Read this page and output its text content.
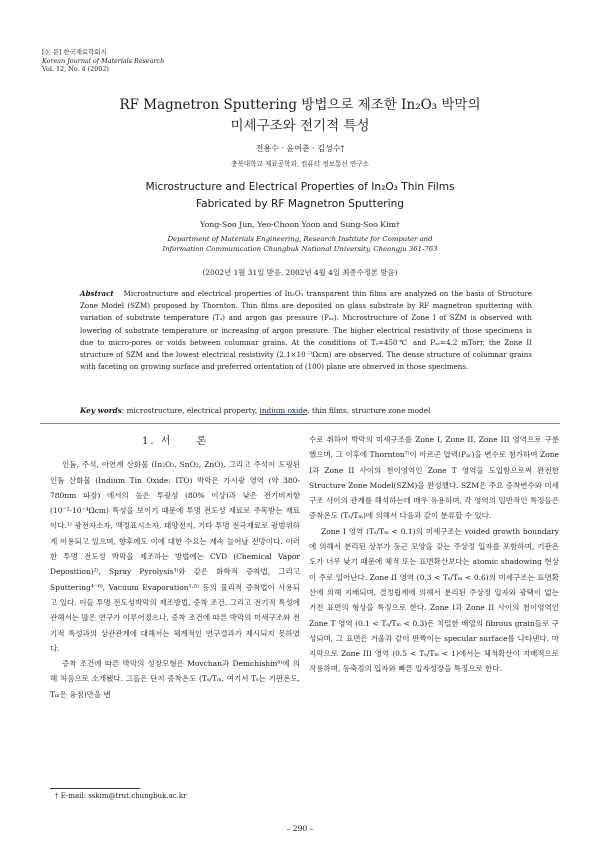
[논 문] 한국재료학회지
Korean Journal of Materials Research
Vol. 12, No. 4 (2002)
RF Magnetron Sputtering 방법으로 제조한 In₂O₃ 박막의
미세구조와 전기적 특성
전용수 · 윤여춘 · 김성수†
충북대학교 재료공학과, 컴퓨터 정보통신 연구소
Microstructure and Electrical Properties of In₂O₃ Thin Films
Fabricated by RF Magnetron Sputtering
Yong-Soo Jun, Yeo-Choon Yoon and Sung-Soo Kim†
Department of Materials Engineering, Research Institute for Computer and
Information Communication Chungbuk National University, Cheongju 361-763
(2002년 1월 31일 받음, 2002년 4월 4일 최종수정본 받음)
Abstract Microstructure and electrical properties of In₂O₃ transparent thin films are analyzed on the basis of Structure Zone Model (SZM) proposed by Thornton. Thin films are deposited on glass substrate by RF magnetron sputtering with variation of substrate temperature (Tₛ) and argon gas pressure (Pₐᵣ). Microstructure of Zone I of SZM is observed with lowering of substrate temperature or increasing of argon pressure. The higher electrical resistivity of those specimens is due to micro-pores or voids between columnar grains. At the conditions of Tₛ=450℃ and Pₐᵣ=4.2 mTorr, the Zone II structure of SZM and the lowest electrical resistivity (2.1×10⁻³Ωcm) are observed. The dense structure of columnar grains with faceting on growing surface and preferred orientation of (100) plane are observed in those specimens.
Key words: microstructure, electrical property, indium oxide, thin films, structure zone model
1. 서　　론

인듐, 주석, 아연계 산화물 (In₂O₃, SnO₂, ZnO), 그리고 주석이 도핑된 인듐 산화물 (Indium Tin Oxide: ITO) 박막은 가시광 영역 (약 380-780nm 파장) 에서의 높은 투광성 (80% 이상)과 낮은 전기비저항 (10⁻²-10⁻⁴Ωcm) 특성을 보이기 때문에 투명 전도성 재료로 주목받는 재료이다.¹⁾ 광전자소자, 액정표시소자, 태양전지, 기타 투명 전극재료로 광범위하게 이용되고 있으며, 향후에도 이에 대한 수요는 계속 늘어날 전망이다. 이러한 투명 전도성 박막을 제조하는 방법에는 CVD (Chemical Vapor Deposition)²⁾, Spray Pyrolysis³⁾와 같은 화학적 증착법, 그리고 Sputtering⁴⁻⁶⁾, Vacuum Evaporation¹·⁵⁾ 등의 물리적 증착법이 사용되고 있다. 이들 투명 전도성박막의 제조방법, 증착 조건, 그리고 전기적 특성에 관해서는 많은 연구가 이루어졌으나, 증착 조건에 따른 박막의 미세구조와 전기적 특성과의 상관관계에 대해서는 체계적인 연구결과가 제시되지 못하였다.

증착 조건에 따른 박막의 성장모형은 Movchan과 Demchishin⁶⁾에 의해 처음으로 소개됐다. 그들은 단지 증착온도 (Tₛ/Tₘ, 여기서 Tₛ는 기판온도, Tₘ은 융점)만을 변

수로 취하여 박막의 미세구조를 Zone I, Zone II, Zone III 영역으로 구분했으며, 그 이후에 Thornton⁷⁾이 아르곤 압력(Pₐᵣ)을 변수로 첨가하여 Zone I과 Zone II 사이의 천이영역인 Zone T 영역을 도입함으로써 완전한 Structure Zone Model(SZM)을 완성했다. SZM은 주요 증착변수와 미세구조 사이의 관계를 해석하는데 매우 유용하며, 각 영역의 일반적인 특징들은 증착온도 (Tₛ/Tₘ)에 의해서 다음과 같이 분류할 수 있다.

Zone I 영역 (Tₛ/Tₘ < 0.1)의 미세구조는 voided growth boundary에 의해서 분리된 상부가 둥근 모양을 갖는 주상정 입자를 포함하며, 기판온도가 너무 낮기 때문에 체적 또는 표면확산보다는 atomic shadowing 현상이 주로 일어난다. Zone II 영역 (0.3 < Tₛ/Tₘ < 0.6)의 미세구조는 표면확산에 의해 지배되며, 결정립계에 의해서 분리된 주상정 입자와 광택이 없는 거친 표면의 형상을 특징으로 한다. Zone I과 Zone II 사이의 천이영역인 Zone T 영역 (0.1 < Tₛ/Tₘ < 0.3)은 치밀한 배열의 fibrous grain들로 구성되며, 그 표면은 거울과 같이 반짝이는 specular surface를 나타낸다. 마지막으로 Zone III 영역 (0.5 < Tₛ/Tₘ < 1)에서는 체적확산이 지배적으로 작용하며, 등축정의 입자와 빠른 입자성장을 특징으로 한다.

† E-mail: sskim@trut.chungbuk.ac.kr
– 290 –
